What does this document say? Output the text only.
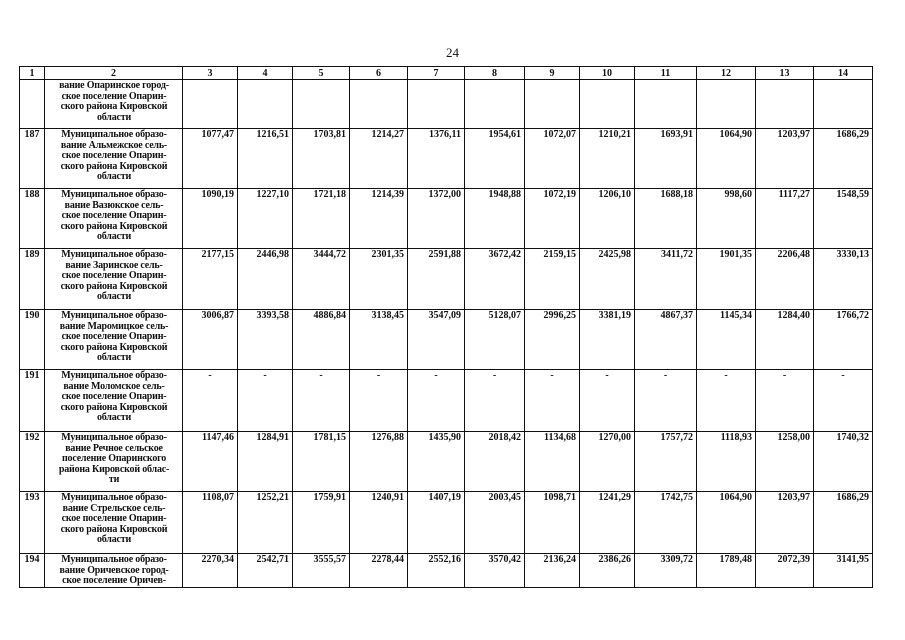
24
1	2	3	4	5	6	7	8	9	10	11	12	13	14

	вание Опаринское город-
ское поселение Опарин-
ского района Кировской
области												

187	Муниципальное образо-
вание Альмежское сель-
ское поселение Опарин-
ского района Кировской
области	1077,47	1216,51	1703,81	1214,27	1376,11	1954,61	1072,07	1210,21	1693,91	1064,90	1203,97	1686,29
188	Муниципальное образо-
вание Вазюкское сель-
ское поселение Опарин-
ского района Кировской
области	1090,19	1227,10	1721,18	1214,39	1372,00	1948,88	1072,19	1206,10	1688,18	998,60	1117,27	1548,59
189	Муниципальное образо-
вание Заринское сель-
ское поселение Опарин-
ского района Кировской
области	2177,15	2446,98	3444,72	2301,35	2591,88	3672,42	2159,15	2425,98	3411,72	1901,35	2206,48	3330,13
190	Муниципальное образо-
вание Маромицкое сель-
ское поселение Опарин-
ского района Кировской
области	3006,87	3393,58	4886,84	3138,45	3547,09	5128,07	2996,25	3381,19	4867,37	1145,34	1284,40	1766,72
191	Муниципальное образо-
вание Моломское сель-
ское поселение Опарин-
ского района Кировской
области	-	-	-	-	-	-	-	-	-	-	-	-
192	Муниципальное образо-
вание Речное сельское
поселение Опаринского
района Кировской облас-
ти	1147,46	1284,91	1781,15	1276,88	1435,90	2018,42	1134,68	1270,00	1757,72	1118,93	1258,00	1740,32
193	Муниципальное образо-
вание Стрельское сель-
ское поселение Опарин-
ского района Кировской
области	1108,07	1252,21	1759,91	1240,91	1407,19	2003,45	1098,71	1241,29	1742,75	1064,90	1203,97	1686,29
194	Муниципальное образо-
вание Оричевское город-
ское поселение Оричев-	2270,34	2542,71	3555,57	2278,44	2552,16	3570,42	2136,24	2386,26	3309,72	1789,48	2072,39	3141,95
